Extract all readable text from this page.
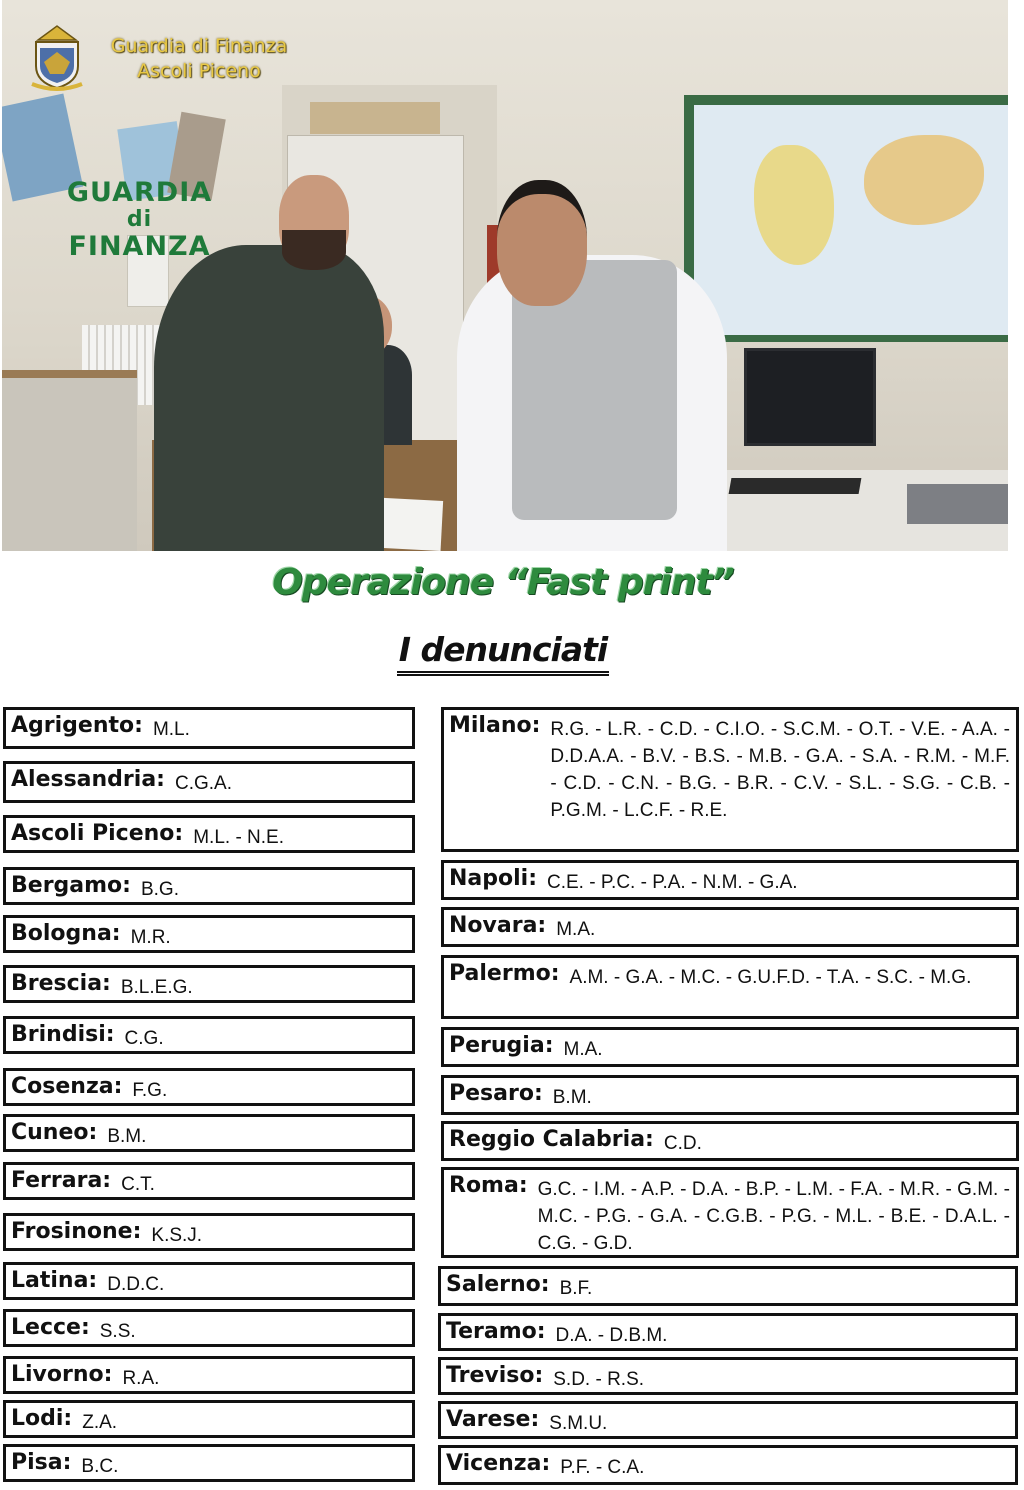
GUARDIA
di
FINANZA
Guardia di Finanza
Ascoli Piceno
Operazione “Fast print”
I denunciati
Agrigento: M.L.
Alessandria: C.G.A.
Ascoli Piceno: M.L. - N.E.
Bergamo: B.G.
Bologna: M.R.
Brescia: B.L.E.G.
Brindisi: C.G.
Cosenza: F.G.
Cuneo: B.M.
Ferrara: C.T.
Frosinone: K.S.J.
Latina: D.D.C.
Lecce: S.S.
Livorno: R.A.
Lodi: Z.A.
Pisa: B.C.
Milano: R.G. - L.R. - C.D. - C.I.O. - S.C.M. - O.T. - V.E. - A.A. - D.D.A.A. - B.V. - B.S. - M.B. - G.A. - S.A. - R.M. - M.F. - C.D. - C.N. - B.G. - B.R. - C.V. - S.L. - S.G. - C.B. - P.G.M. - L.C.F. - R.E.
Napoli: C.E. - P.C. - P.A. - N.M. - G.A.
Novara: M.A.
Palermo: A.M. - G.A. - M.C. - G.U.F.D. - T.A. - S.C. - M.G.
Perugia: M.A.
Pesaro: B.M.
Reggio Calabria: C.D.
Roma: G.C. - I.M. - A.P. - D.A. - B.P. - L.M. - F.A. - M.R. - G.M. - M.C. - P.G. - G.A. - C.G.B. - P.G. - M.L. - B.E. - D.A.L. - C.G. - G.D.
Salerno: B.F.
Teramo: D.A. - D.B.M.
Treviso: S.D. - R.S.
Varese: S.M.U.
Vicenza: P.F. - C.A.
